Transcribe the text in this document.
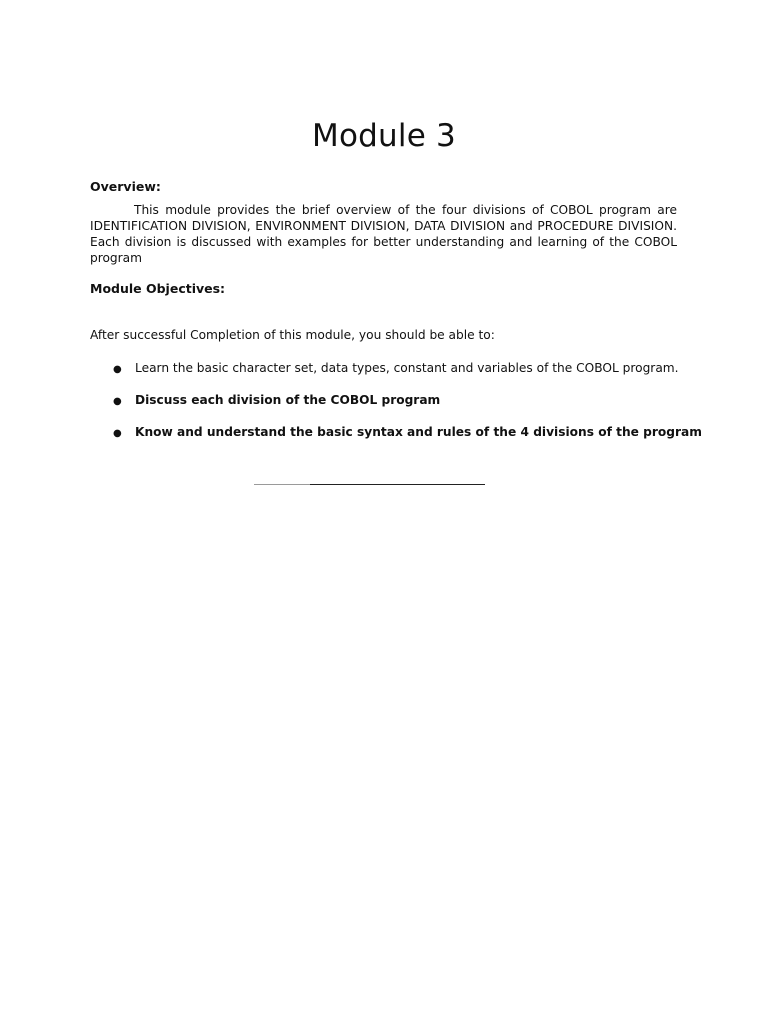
Module 3
Overview:
This module provides the brief overview of the four divisions of COBOL program are IDENTIFICATION DIVISION, ENVIRONMENT DIVISION, DATA DIVISION and PROCEDURE DIVISION. Each division is discussed with examples for better understanding and learning of the COBOL program
Module Objectives:
After successful Completion of this module, you should be able to:
● Learn the basic character set, data types, constant and variables of the COBOL program.
● Discuss each division of the COBOL program
● Know and understand the basic syntax and rules of the 4 divisions of the program
